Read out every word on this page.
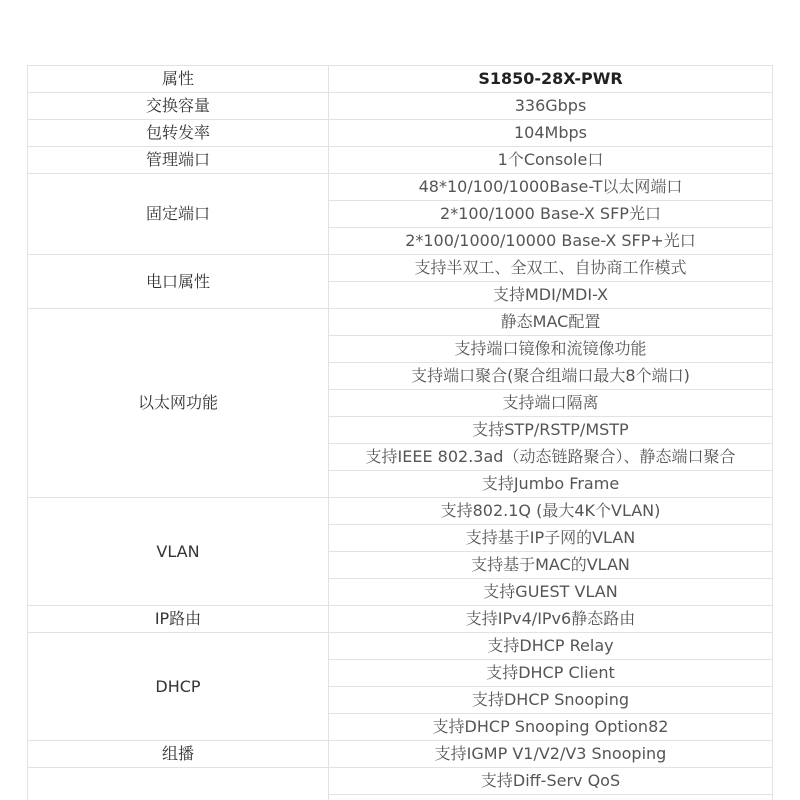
属性	S1850-28X-PWR
交换容量	336Gbps
包转发率	104Mbps
管理端口	1个Console口
固定端口	48*10/100/1000Base-T以太网端口
	2*100/1000 Base-X SFP光口
	2*100/1000/10000 Base-X SFP+光口
电口属性	支持半双工、全双工、自协商工作模式
	支持MDI/MDI-X
以太网功能	静态MAC配置
	支持端口镜像和流镜像功能
	支持端口聚合(聚合组端口最大8个端口)
	支持端口隔离
	支持STP/RSTP/MSTP
	支持IEEE 802.3ad（动态链路聚合）、静态端口聚合
	支持Jumbo Frame
VLAN	支持802.1Q (最大4K个VLAN)
	支持基于IP子网的VLAN
	支持基于MAC的VLAN
	支持GUEST VLAN
IP路由	支持IPv4/IPv6静态路由
DHCP	支持DHCP Relay
	支持DHCP Client
	支持DHCP Snooping
	支持DHCP Snooping Option82
组播	支持IGMP V1/V2/V3 Snooping
	支持Diff-Serv QoS
